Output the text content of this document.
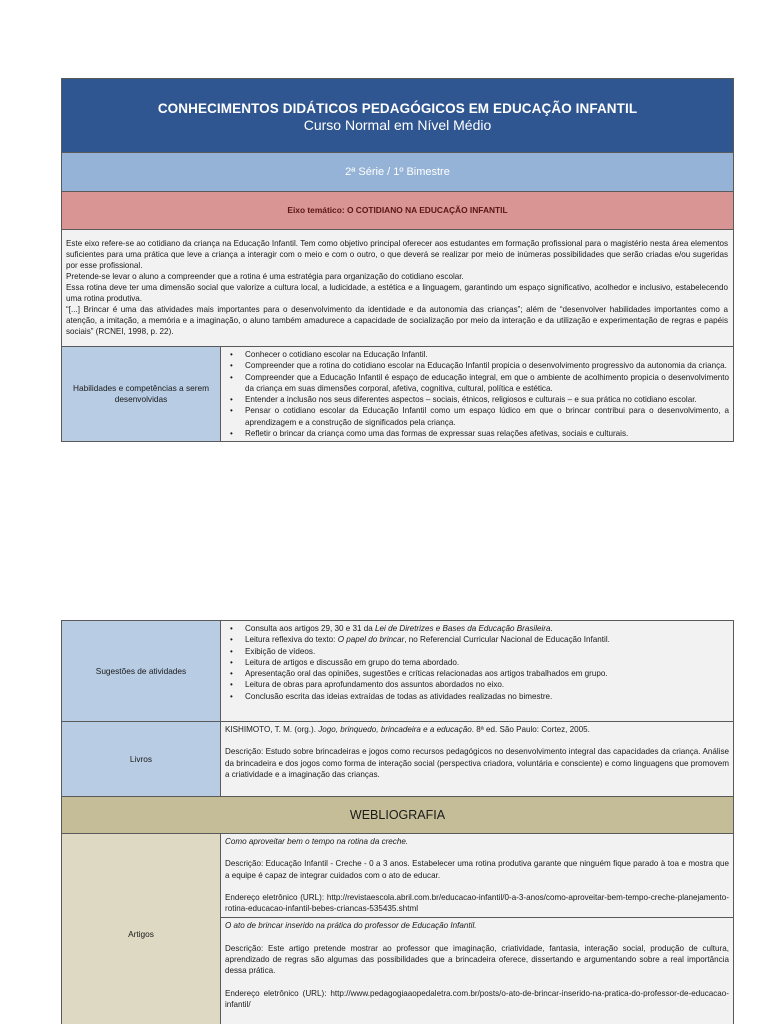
CONHECIMENTOS DIDÁTICOS PEDAGÓGICOS EM EDUCAÇÃO INFANTIL
Curso Normal em Nível Médio
2ª Série / 1º Bimestre
Eixo temático: O COTIDIANO NA EDUCAÇÃO INFANTIL

Este eixo refere-se ao cotidiano da criança na Educação Infantil. Tem como objetivo principal oferecer aos estudantes em formação profissional para o magistério nesta área elementos suficientes para uma prática que leve a criança a interagir com o meio e com o outro, o que deverá se realizar por meio de inúmeras possibilidades que serão criadas e/ou sugeridas por esse profissional.

Pretende-se levar o aluno a compreender que a rotina é uma estratégia para organização do cotidiano escolar.

Essa rotina deve ter uma dimensão social que valorize a cultura local, a ludicidade, a estética e a linguagem, garantindo um espaço significativo, acolhedor e inclusivo, estabelecendo uma rotina produtiva.

“[...] Brincar é uma das atividades mais importantes para o desenvolvimento da identidade e da autonomia das crianças”; além de “desenvolver habilidades importantes como a atenção, a imitação, a memória e a imaginação, o aluno também amadurece a capacidade de socialização por meio da interação e da utilização e experimentação de regras e papéis sociais” (RCNEI, 1998, p. 22).

Habilidades e competências a serem desenvolvidas
• Conhecer o cotidiano escolar na Educação Infantil.
• Compreender que a rotina do cotidiano escolar na Educação Infantil propicia o desenvolvimento progressivo da autonomia da criança.
• Compreender que a Educação Infantil é espaço de educação integral, em que o ambiente de acolhimento propicia o desenvolvimento da criança em suas dimensões corporal, afetiva, cognitiva, cultural, política e estética.
• Entender a inclusão nos seus diferentes aspectos – sociais, étnicos, religiosos e culturais – e sua prática no cotidiano escolar.
• Pensar o cotidiano escolar da Educação Infantil como um espaço lúdico em que o brincar contribui para o desenvolvimento, a aprendizagem e a construção de significados pela criança.
• Refletir o brincar da criança como uma das formas de expressar suas relações afetivas, sociais e culturais.
Sugestões de atividades
• Consulta aos artigos 29, 30 e 31 da Lei de Diretrizes e Bases da Educação Brasileira.
• Leitura reflexiva do texto: O papel do brincar, no Referencial Curricular Nacional de Educação Infantil.
• Exibição de vídeos.
• Leitura de artigos e discussão em grupo do tema abordado.
• Apresentação oral das opiniões, sugestões e críticas relacionadas aos artigos trabalhados em grupo.
• Leitura de obras para aprofundamento dos assuntos abordados no eixo.
• Conclusão escrita das ideias extraídas de todas as atividades realizadas no bimestre.
Livros

KISHIMOTO, T. M. (org.). Jogo, brinquedo, brincadeira e a educação. 8ª ed. São Paulo: Cortez, 2005.

Descrição: Estudo sobre brincadeiras e jogos como recursos pedagógicos no desenvolvimento integral das capacidades da criança. Análise da brincadeira e dos jogos como forma de interação social (perspectiva criadora, voluntária e consciente) e como linguagens que promovem a criatividade e a imaginação das crianças.

WEBLIOGRAFIA
Artigos

Como aproveitar bem o tempo na rotina da creche.

Descrição: Educação Infantil - Creche - 0 a 3 anos. Estabelecer uma rotina produtiva garante que ninguém fique parado à toa e mostra que a equipe é capaz de integrar cuidados com o ato de educar.

Endereço eletrônico (URL): http://revistaescola.abril.com.br/educacao-infantil/0-a-3-anos/como-aproveitar-bem-tempo-creche-planejamento-rotina-educacao-infantil-bebes-criancas-535435.shtml

O ato de brincar inserido na prática do professor de Educação Infantil.

Descrição: Este artigo pretende mostrar ao professor que imaginação, criatividade, fantasia, interação social, produção de cultura, aprendizado de regras são algumas das possibilidades que a brincadeira oferece, dissertando e argumentando sobre a real importância dessa prática.

Endereço eletrônico (URL): http://www.pedagogiaaopedaletra.com.br/posts/o-ato-de-brincar-inserido-na-pratica-do-professor-de-educacao-infantil/
